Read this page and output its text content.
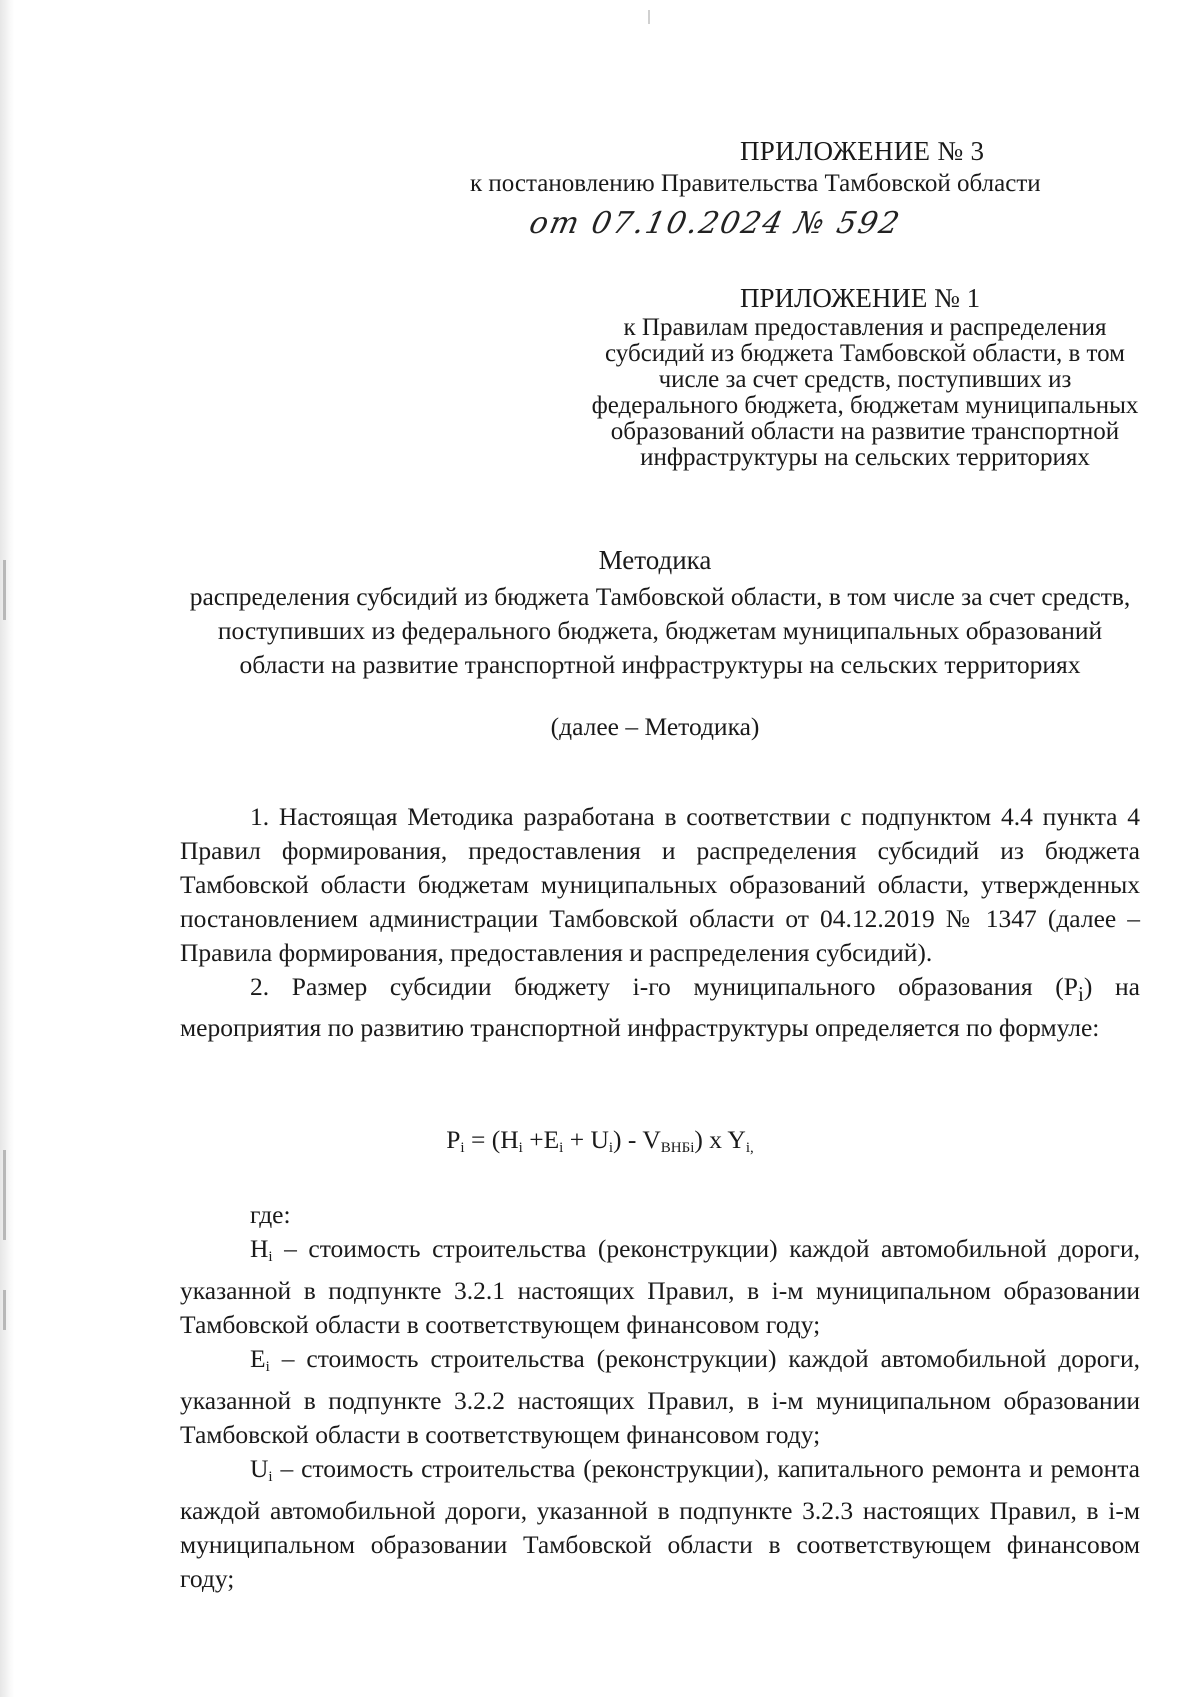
ПРИЛОЖЕНИЕ № 3
к постановлению Правительства Тамбовской области
от 07.10.2024 № 592
ПРИЛОЖЕНИЕ № 1
к Правилам предоставления и распределения субсидий из бюджета Тамбовской области, в том числе за счет средств, поступивших из федерального бюджета, бюджетам муниципальных образований области на развитие транспортной инфраструктуры на сельских территориях
Методика
распределения субсидий из бюджета Тамбовской области, в том числе за счет средств, поступивших из федерального бюджета, бюджетам муниципальных образований области на развитие транспортной инфраструктуры на сельских территориях
(далее – Методика)

1. Настоящая Методика разработана в соответствии с подпунктом 4.4 пункта 4 Правил формирования, предоставления и распределения субсидий из бюджета Тамбовской области бюджетам муниципальных образований области, утвержденных постановлением администрации Тамбовской области от 04.12.2019 № 1347 (далее – Правила формирования, предоставления и распределения субсидий).

2. Размер субсидии бюджету i-го муниципального образования $(P_i)$ на мероприятия по развитию транспортной инфраструктуры определяется по формуле:

$P_i = (H_i +E_i + U_i) - V_{ВНБi}$) x $Y_{i,}$

где:

$H_i$ – стоимость строительства (реконструкции) каждой автомобильной дороги, указанной в подпункте 3.2.1 настоящих Правил, в i-м муниципальном образовании Тамбовской области в соответствующем финансовом году;

$E_i$ – стоимость строительства (реконструкции) каждой автомобильной дороги, указанной в подпункте 3.2.2 настоящих Правил, в i-м муниципальном образовании Тамбовской области в соответствующем финансовом году;

$U_i$ – стоимость строительства (реконструкции), капитального ремонта и ремонта каждой автомобильной дороги, указанной в подпункте 3.2.3 настоящих Правил, в i-м муниципальном образовании Тамбовской области в соответствующем финансовом году;
